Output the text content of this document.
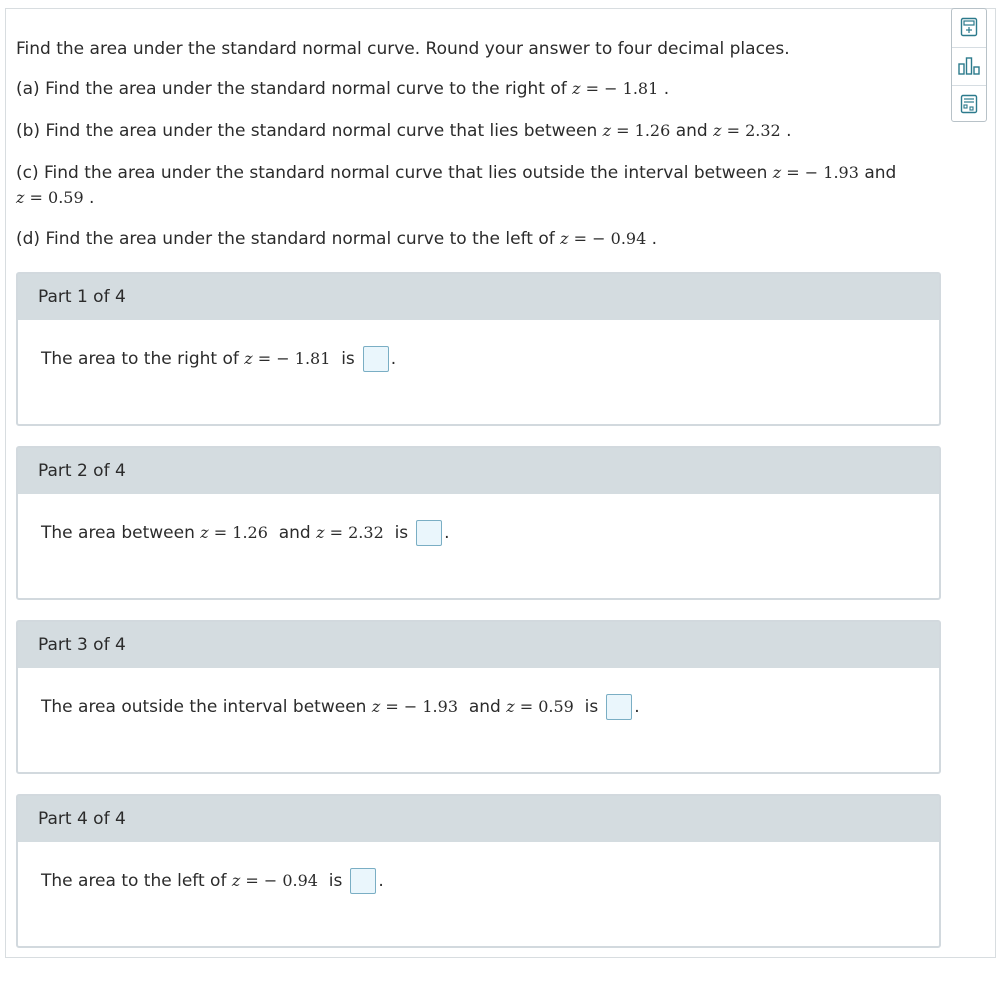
Find the area under the standard normal curve. Round your answer to four decimal places.
(a) Find the area under the standard normal curve to the right of z = − 1.81 .
(b) Find the area under the standard normal curve that lies between z = 1.26 and z = 2.32 .
(c) Find the area under the standard normal curve that lies outside the interval between z = − 1.93 and
z = 0.59 .
(d) Find the area under the standard normal curve to the left of z = − 0.94 .
Part 1 of 4
The area to the right of
z = − 1.81
is .
Part 2 of 4
The area between
z = 1.26
and
z = 2.32
is .
Part 3 of 4
The area outside the interval between
z = − 1.93
and
z = 0.59
is .
Part 4 of 4
The area to the left of
z = − 0.94
is .
